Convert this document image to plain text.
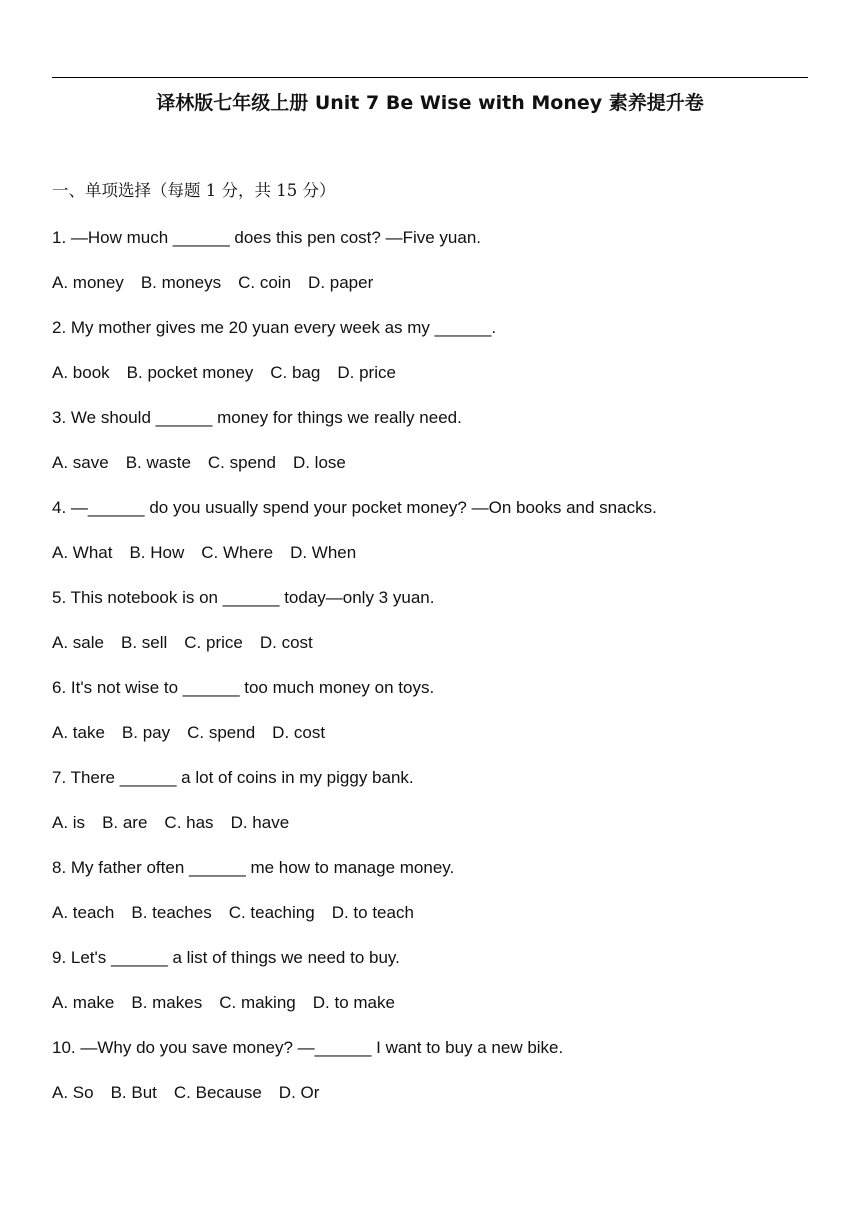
译林版七年级上册 Unit 7 Be Wise with Money 素养提升卷
一、单项选择（每题 1 分，共 15 分）
1. —How much ______ does this pen cost? —Five yuan.
A. money B. moneys C. coin D. paper
2. My mother gives me 20 yuan every week as my ______.
A. book B. pocket money C. bag D. price
3. We should ______ money for things we really need.
A. save B. waste C. spend D. lose
4. —______ do you usually spend your pocket money? —On books and snacks.
A. What B. How C. Where D. When
5. This notebook is on ______ today—only 3 yuan.
A. sale B. sell C. price D. cost
6. It's not wise to ______ too much money on toys.
A. take B. pay C. spend D. cost
7. There ______ a lot of coins in my piggy bank.
A. is B. are C. has D. have
8. My father often ______ me how to manage money.
A. teach B. teaches C. teaching D. to teach
9. Let's ______ a list of things we need to buy.
A. make B. makes C. making D. to make
10. —Why do you save money? —______ I want to buy a new bike.
A. So B. But C. Because D. Or
